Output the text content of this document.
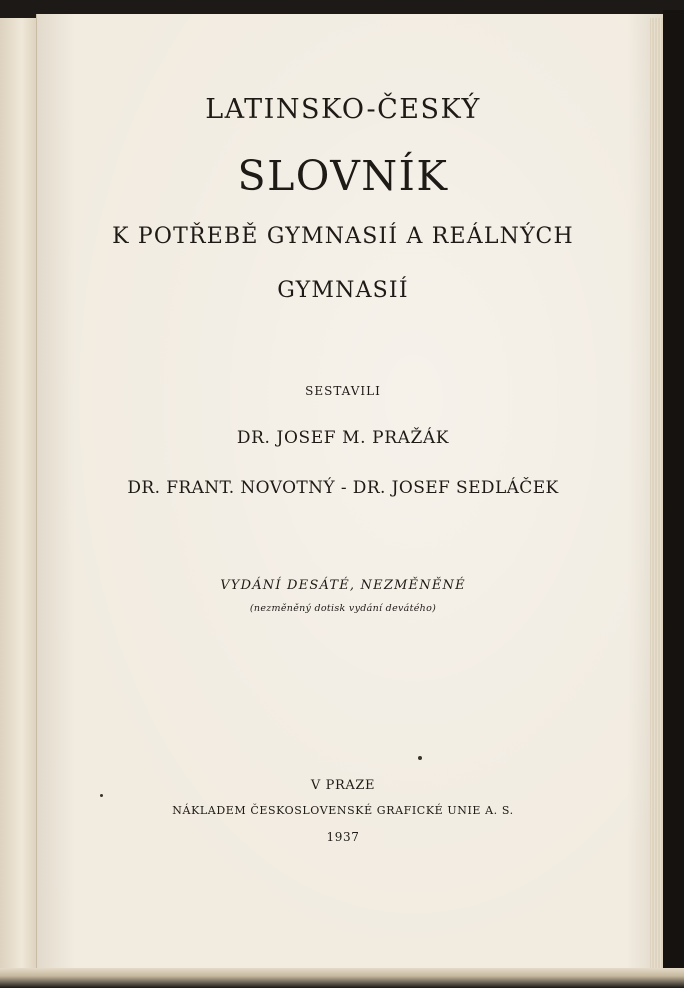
LATINSKO-ČESKÝ
SLOVNÍK
K POTŘEBĚ GYMNASIÍ A REÁLNÝCH
GYMNASIÍ
SESTAVILI
DR. JOSEF M. PRAŽÁK
DR. FRANT. NOVOTNÝ - DR. JOSEF SEDLÁČEK
VYDÁNÍ DESÁTÉ, NEZMĚNĚNÉ
(nezměněný dotisk vydání devátého)
V PRAZE
NÁKLADEM ČESKOSLOVENSKÉ GRAFICKÉ UNIE A. S.
1937
